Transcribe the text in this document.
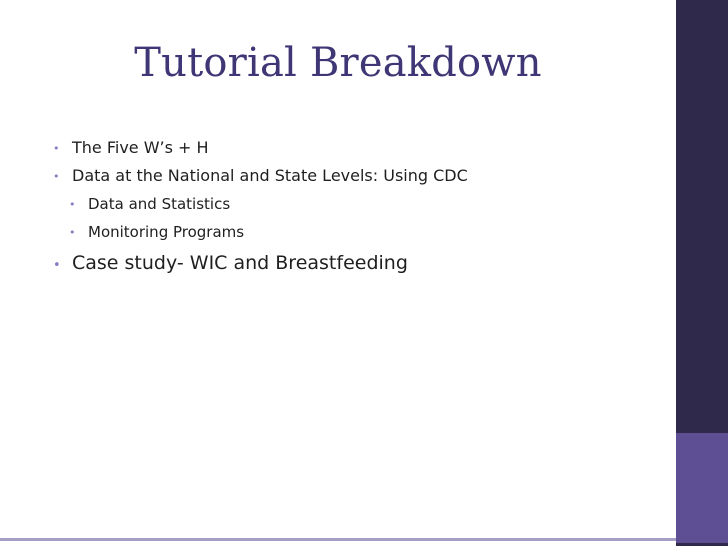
Tutorial Breakdown
• The Five W’s + H
• Data at the National and State Levels: Using CDC
• Data and Statistics
• Monitoring Programs
• Case study- WIC and Breastfeeding
